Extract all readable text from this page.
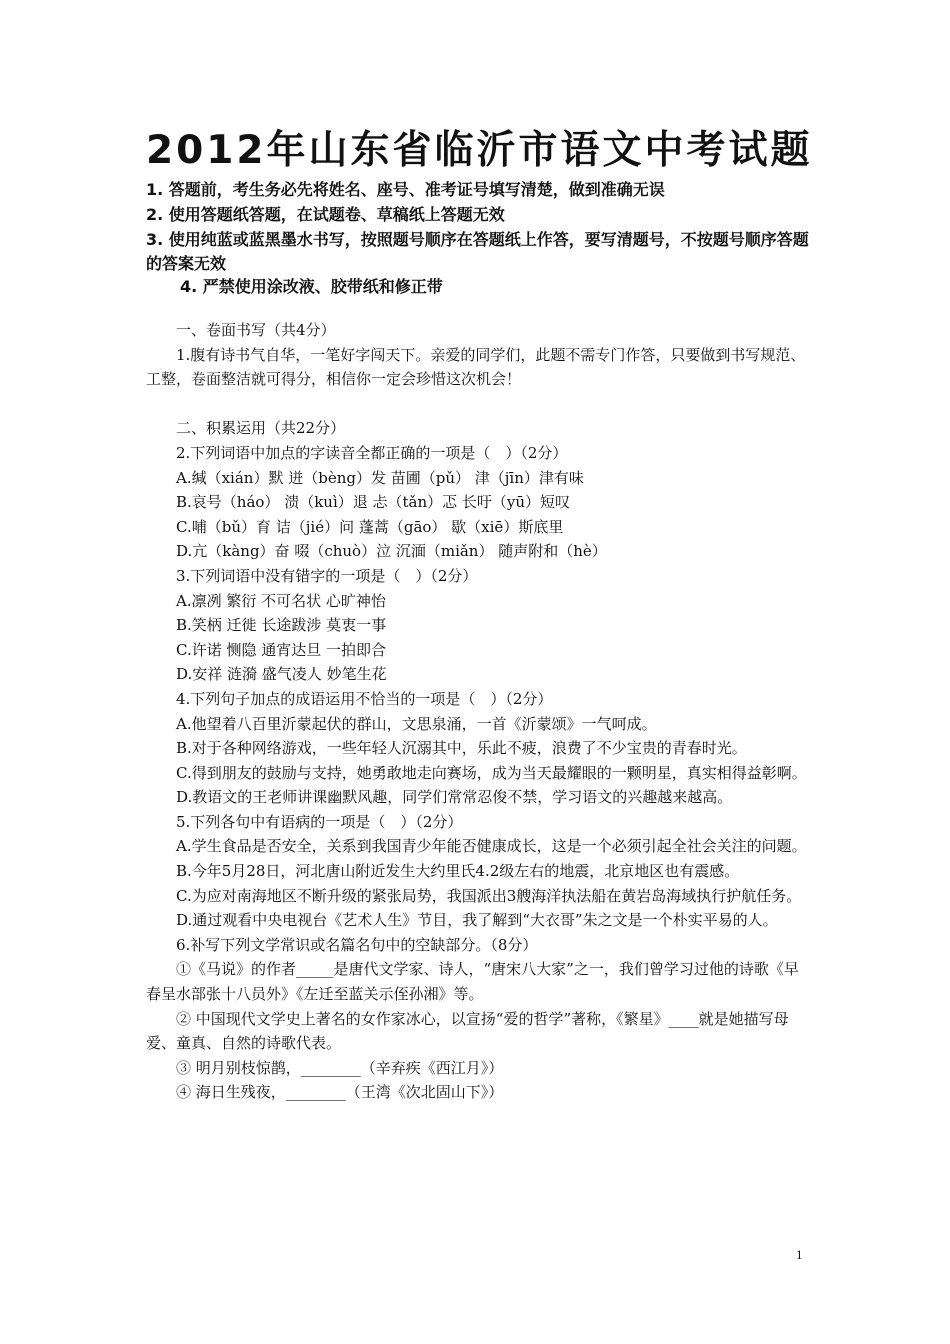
2012年山东省临沂市语文中考试题
1. 答题前，考生务必先将姓名、座号、准考证号填写清楚，做到准确无误
2. 使用答题纸答题，在试题卷、草稿纸上答题无效
3. 使用纯蓝或蓝黑墨水书写，按照题号顺序在答题纸上作答，要写清题号，不按题号顺序答题的答案无效
4. 严禁使用涂改液、胶带纸和修正带

一、卷面书写（共4分）

1.腹有诗书气自华，一笔好字闯天下。亲爱的同学们，此题不需专门作答，只要做到书写规范、工整，卷面整洁就可得分，相信你一定会珍惜这次机会！

二、积累运用（共22分）

2.下列词语中加点的字读音全都正确的一项是（　）（2分）

A.缄（xián）默 迸（bèng）发 苗圃（pǔ） 津（jīn）津有味

B.哀号（háo） 溃（kuì）退 忐（tǎn）忑 长吁（yū）短叹

C.哺（bǔ）育 诘（jié）问 蓬蒿（gāo） 歇（xiē）斯底里

D.亢（kàng）奋 啜（chuò）泣 沉湎（miǎn） 随声附和（hè）

3.下列词语中没有错字的一项是（　）（2分）

A.凛冽 繁衍 不可名状 心旷神怡

B.笑柄 迁徙 长途跋涉 莫衷一事

C.许诺 恻隐 通宵达旦 一拍即合

D.安祥 涟漪 盛气凌人 妙笔生花

4.下列句子加点的成语运用不恰当的一项是（　）（2分）

A.他望着八百里沂蒙起伏的群山，文思泉涌，一首《沂蒙颂》一气呵成。

B.对于各种网络游戏，一些年轻人沉溺其中，乐此不疲，浪费了不少宝贵的青春时光。

C.得到朋友的鼓励与支持，她勇敢地走向赛场，成为当天最耀眼的一颗明星，真实相得益彰啊。

D.教语文的王老师讲课幽默风趣，同学们常常忍俊不禁，学习语文的兴趣越来越高。

5.下列各句中有语病的一项是（　）（2分）

A.学生食品是否安全，关系到我国青少年能否健康成长，这是一个必须引起全社会关注的问题。

B.今年5月28日，河北唐山附近发生大约里氏4.2级左右的地震，北京地区也有震感。

C.为应对南海地区不断升级的紧张局势，我国派出3艘海洋执法船在黄岩岛海域执行护航任务。

D.通过观看中央电视台《艺术人生》节目，我了解到“大衣哥”朱之文是一个朴实平易的人。

6.补写下列文学常识或名篇名句中的空缺部分。（8分）

①《马说》的作者_____是唐代文学家、诗人，“唐宋八大家”之一，我们曾学习过他的诗歌《早春呈水部张十八员外》《左迁至蓝关示侄孙湘》等。

② 中国现代文学史上著名的女作家冰心，以宣扬“爱的哲学”著称，《繁星》____就是她描写母爱、童真、自然的诗歌代表。

③ 明月别枝惊鹊，________（辛弃疾《西江月》）

④ 海日生残夜，________（王湾《次北固山下》）

1
